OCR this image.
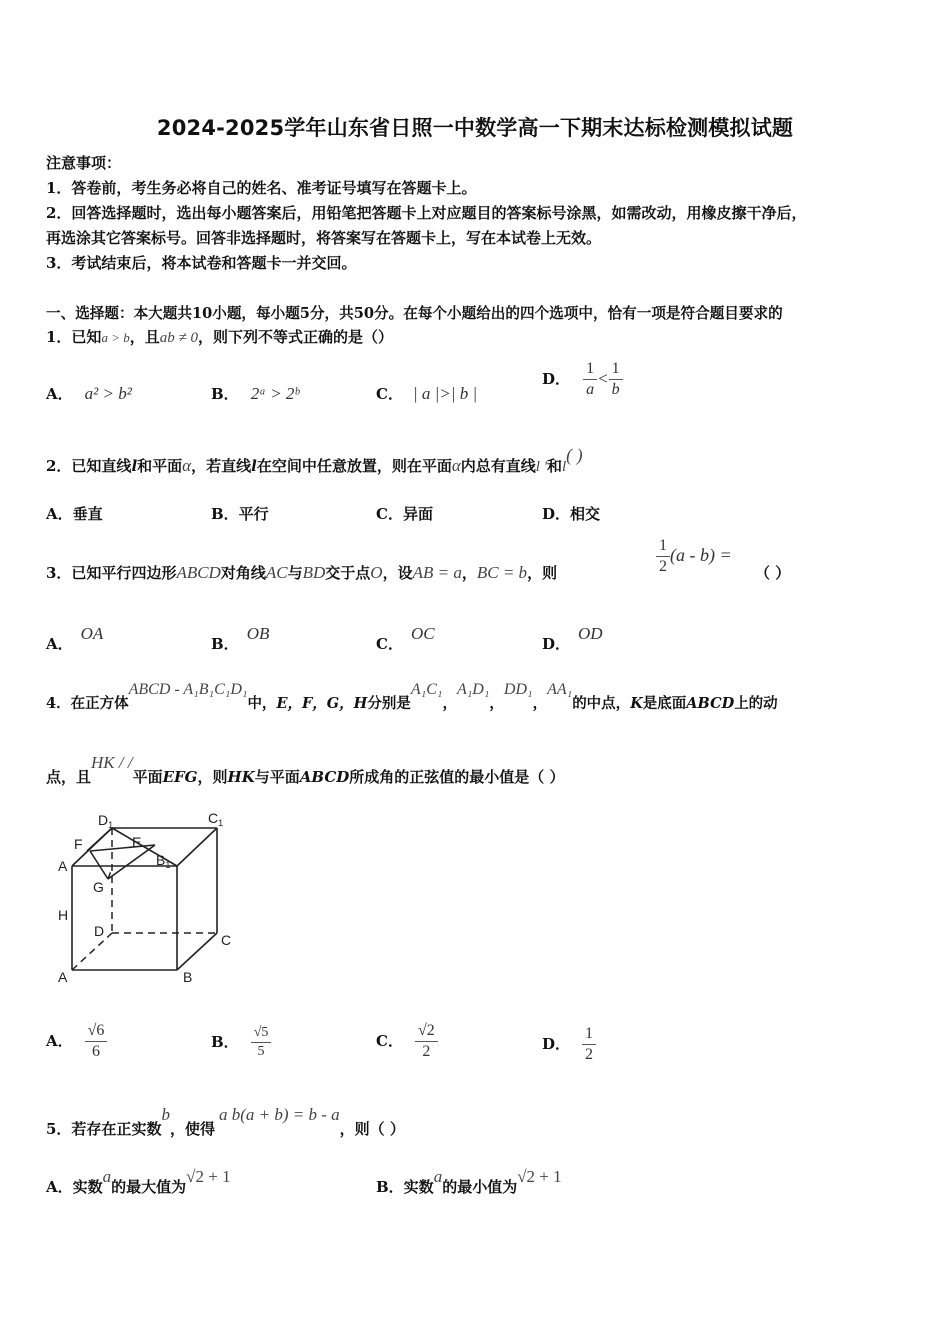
2024-2025学年山东省日照一中数学高一下期末达标检测模拟试题
注意事项：
1．答卷前，考生务必将自己的姓名、准考证号填写在答题卡上。
2．回答选择题时，选出每小题答案后，用铅笔把答题卡上对应题目的答案标号涂黑，如需改动，用橡皮擦干净后，
再选涂其它答案标号。回答非选择题时，将答案写在答题卡上，写在本试卷上无效。
3．考试结束后，将本试卷和答题卡一并交回。
一、选择题：本大题共10小题，每小题5分，共50分。在每个小题给出的四个选项中，恰有一项是符合题目要求的
1．已知a > b，且ab ≠ 0，则下列不等式正确的是（）
A． a² > b²	B． 2ᵃ > 2ᵇ	C． | a |>| b |
D． $\frac{1}{a} < \frac{1}{b}$
2．已知直线l和平面α，若直线l在空间中任意放置，则在平面α内总有直线l '和l( )
A．垂直	B．平行	C．异面	D．相交
3．已知平行四边形ABCD对角线AC与BD交于点O，设AB = a，BC = b，则	$\frac{1}{2} (a - b)$ =
（ ）
A．OA
B．OB
C．OC
D．OD
4．在正方体ABCD - A₁B₁C₁D₁中，E，F，G，H分别是A₁C₁，A₁D₁，DD₁，AA₁的中点，K是底面ABCD上的动
点，且HK / /平面EFG，则HK与平面ABCD所成角的正弦值的最小值是（ ）
$D_1$	$C_1$
F	E
A	$B_1$
G
H
D
C
A	B
A． $\frac{√6}{6}$	B． $\frac{√5}{5}$	C． $\frac{√2}{2}$	D． $\frac{1}{2}$
5．若存在正实数b，使得a b(a + b) = b - a，则（ ）
A．实数a的最大值为√2 + 1
B．实数a的最小值为√2 + 1
